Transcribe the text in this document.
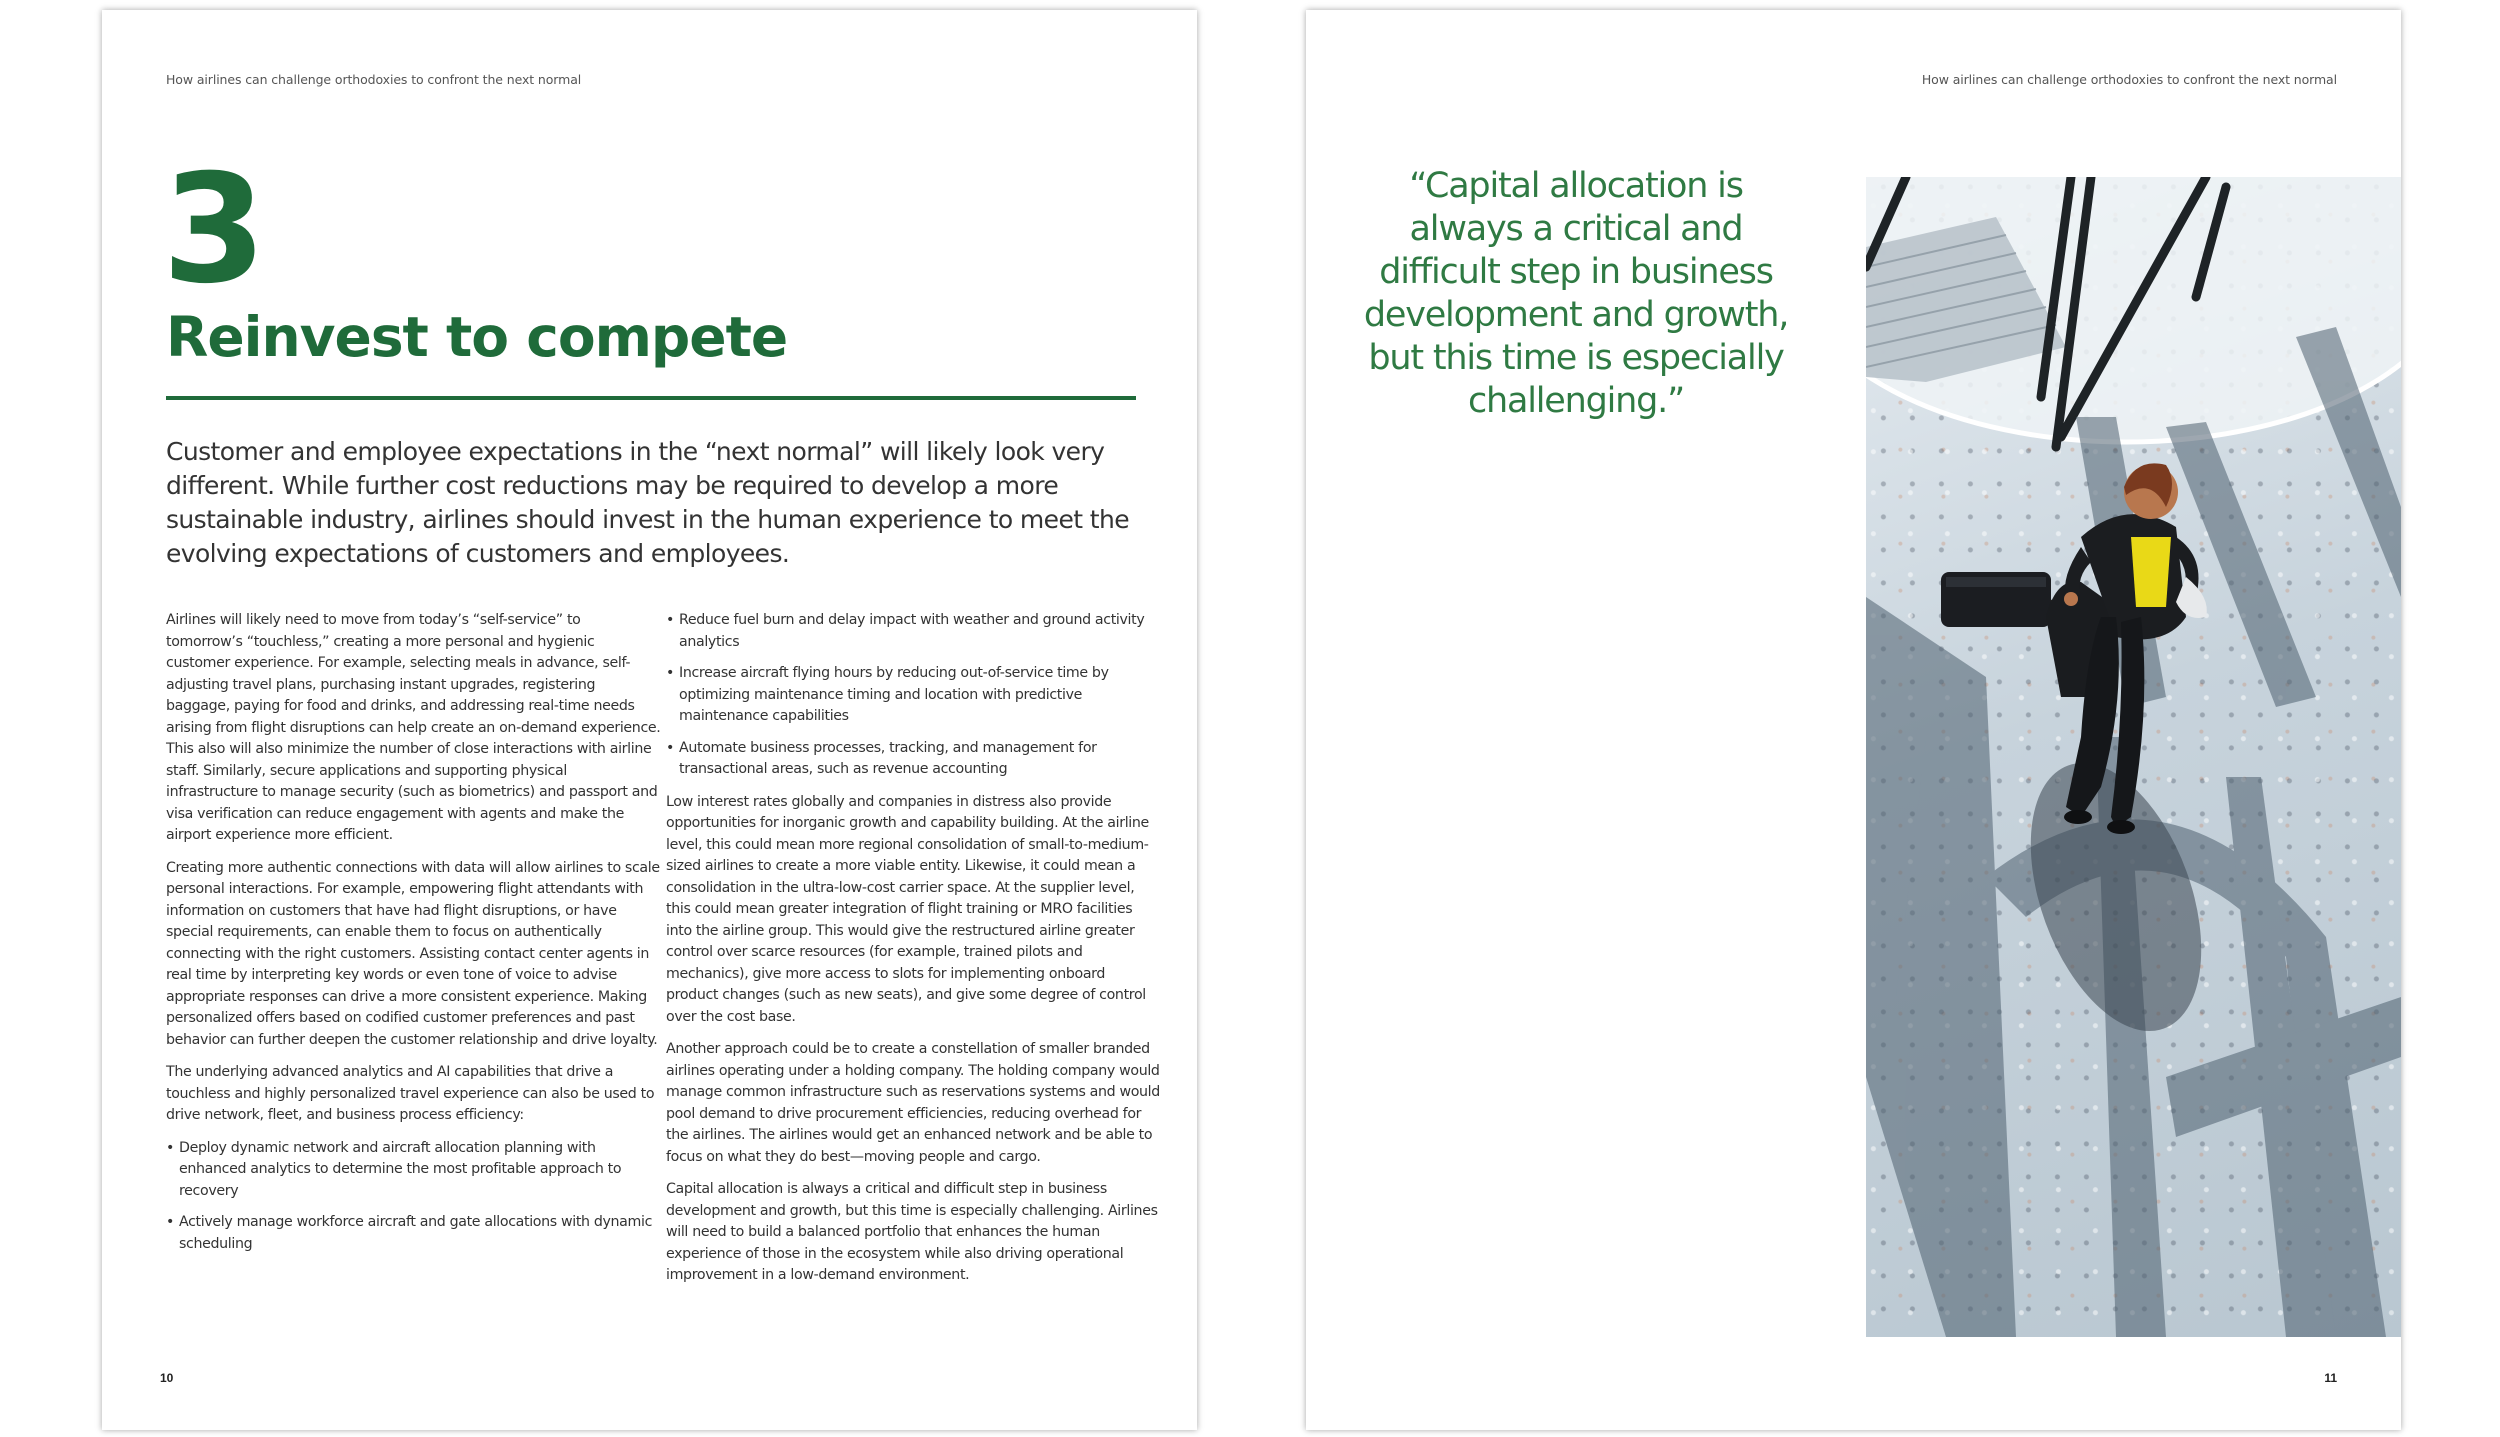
How airlines can challenge orthodoxies to confront the next normal
3
Reinvest to compete

Customer and employee expectations in the “next normal” will likely look very different. While further cost reductions may be required to develop a more sustainable industry, airlines should invest in the human experience to meet the evolving expectations of customers and employees.

Airlines will likely need to move from today’s “self-service” to tomorrow’s “touchless,” creating a more personal and hygienic customer experience. For example, selecting meals in advance, self-adjusting travel plans, purchasing instant upgrades, registering baggage, paying for food and drinks, and addressing real-time needs arising from flight disruptions can help create an on-demand experience. This also will also minimize the number of close interactions with airline staff. Similarly, secure applications and supporting physical infrastructure to manage security (such as biometrics) and passport and visa verification can reduce engagement with agents and make the airport experience more efficient.

Creating more authentic connections with data will allow airlines to scale personal interactions. For example, empowering flight attendants with information on customers that have had flight disruptions, or have special requirements, can enable them to focus on authentically connecting with the right customers. Assisting contact center agents in real time by interpreting key words or even tone of voice to advise appropriate responses can drive a more consistent experience. Making personalized offers based on codified customer preferences and past behavior can further deepen the customer relationship and drive loyalty.

The underlying advanced analytics and AI capabilities that drive a touchless and highly personalized travel experience can also be used to drive network, fleet, and business process efficiency:

• Deploy dynamic network and aircraft allocation planning with enhanced analytics to determine the most profitable approach to recovery
• Actively manage workforce aircraft and gate allocations with dynamic scheduling
• Reduce fuel burn and delay impact with weather and ground activity analytics
• Increase aircraft flying hours by reducing out-of-service time by optimizing maintenance timing and location with predictive maintenance capabilities
• Automate business processes, tracking, and management for transactional areas, such as revenue accounting

Low interest rates globally and companies in distress also provide opportunities for inorganic growth and capability building. At the airline level, this could mean more regional consolidation of small-to-medium-sized airlines to create a more viable entity. Likewise, it could mean a consolidation in the ultra-low-cost carrier space. At the supplier level, this could mean greater integration of flight training or MRO facilities into the airline group. This would give the restructured airline greater control over scarce resources (for example, trained pilots and mechanics), give more access to slots for implementing onboard product changes (such as new seats), and give some degree of control over the cost base.

Another approach could be to create a constellation of smaller branded airlines operating under a holding company. The holding company would manage common infrastructure such as reservations systems and would pool demand to drive procurement efficiencies, reducing overhead for the airlines. The airlines would get an enhanced network and be able to focus on what they do best—moving people and cargo.

Capital allocation is always a critical and difficult step in business development and growth, but this time is especially challenging. Airlines will need to build a balanced portfolio that enhances the human experience of those in the ecosystem while also driving operational improvement in a low-demand environment.

10
How airlines can challenge orthodoxies to confront the next normal
“Capital allocation is always a critical and difficult step in business development and growth, but this time is especially challenging.”
11
